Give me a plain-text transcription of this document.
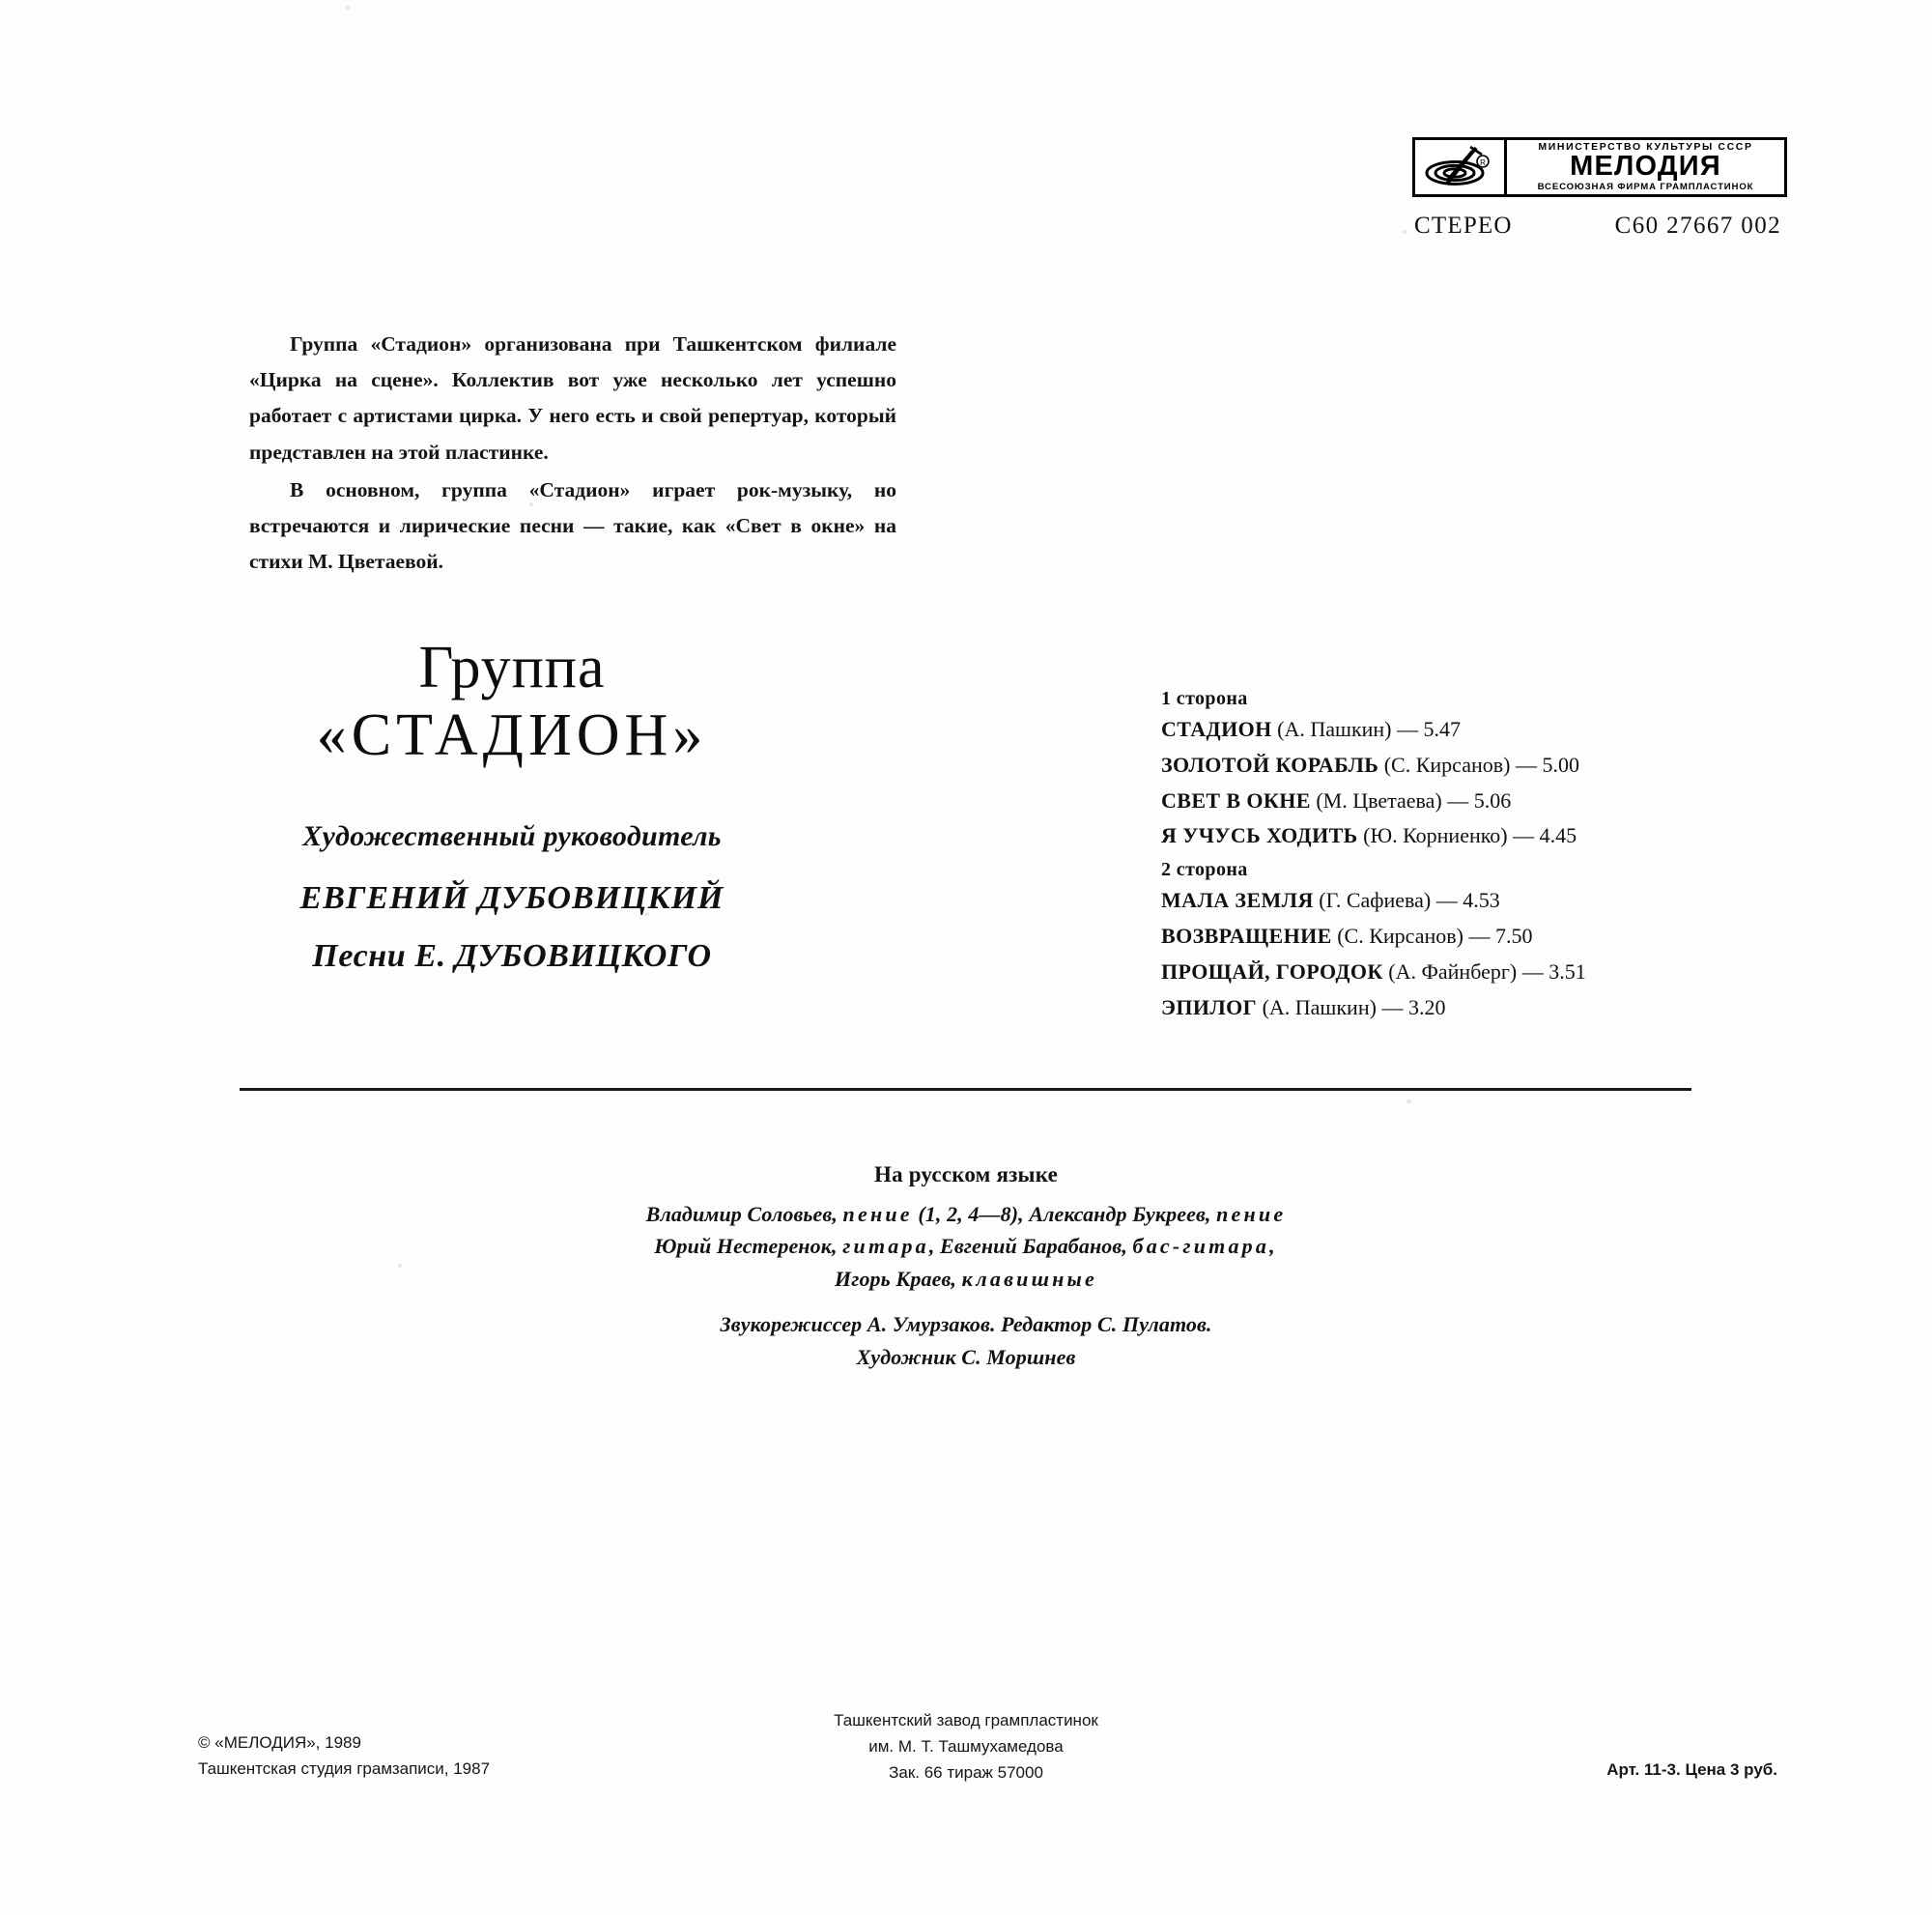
R
МИНИСТЕРСТВО КУЛЬТУРЫ СССР
МЕЛОДИЯ
ВСЕСОЮЗНАЯ ФИРМА ГРАМПЛАСТИНОК
СТЕРЕО	С60 27667 002

Группа «Стадион» организована при Ташкентском филиале «Цирка на сцене». Коллектив вот уже несколько лет успешно работает с артистами цирка. У него есть и свой репертуар, который представлен на этой пластинке.

В основном, группа «Стадион» играет рок-музыку, но встречаются и лирические песни — такие, как «Свет в окне» на стихи М. Цветаевой.

Группа
«СТАДИОН»
Художественный руководитель
ЕВГЕНИЙ ДУБОВИЦКИЙ
Песни Е. ДУБОВИЦКОГО
1 сторона
СТАДИОН (А. Пашкин) — 5.47
ЗОЛОТОЙ КОРАБЛЬ (С. Кирсанов) — 5.00
СВЕТ В ОКНЕ (М. Цветаева) — 5.06
Я УЧУСЬ ХОДИТЬ (Ю. Корниенко) — 4.45
2 сторона
МАЛА ЗЕМЛЯ (Г. Сафиева) — 4.53
ВОЗВРАЩЕНИЕ (С. Кирсанов) — 7.50
ПРОЩАЙ, ГОРОДОК (А. Файнберг) — 3.51
ЭПИЛОГ (А. Пашкин) — 3.20
На русском языке
Владимир Соловьев, пение (1, 2, 4—8), Александр Букреев, пение
Юрий Нестеренок, гитара, Евгений Барабанов, бас-гитара,
Игорь Краев, клавишные
Звукорежиссер А. Умурзаков. Редактор С. Пулатов.
Художник С. Моршнев
© «МЕЛОДИЯ», 1989
Ташкентская студия грамзаписи, 1987
Ташкентский завод грампластинок
им. М. Т. Ташмухамедова
Зак. 66 тираж 57000	Арт. 11-3. Цена 3 руб.
